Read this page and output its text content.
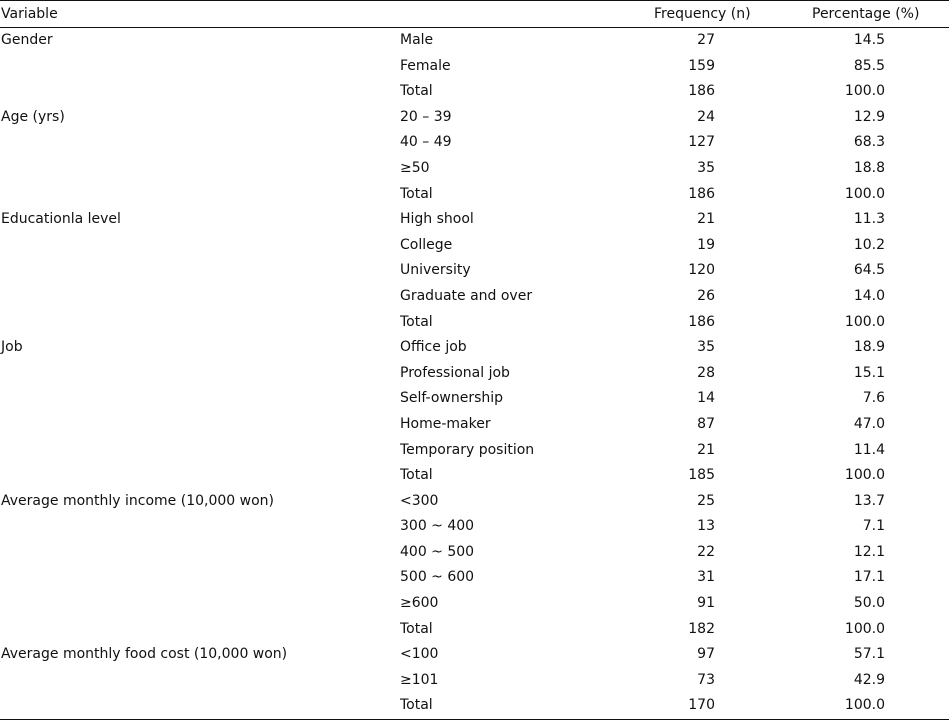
Variable		Frequency (n)	Percentage (%)
Gender	Male	27	14.5
	Female	159	85.5
	Total	186	100.0
Age (yrs)	20 – 39	24	12.9
	40 – 49	127	68.3
	≥50	35	18.8
	Total	186	100.0
Educationla level	High shool	21	11.3
	College	19	10.2
	University	120	64.5
	Graduate and over	26	14.0
	Total	186	100.0
Job	Office job	35	18.9
	Professional job	28	15.1
	Self-ownership	14	7.6
	Home-maker	87	47.0
	Temporary position	21	11.4
	Total	185	100.0
Average monthly income (10,000 won)	<300	25	13.7
	300 ~ 400	13	7.1
	400 ~ 500	22	12.1
	500 ~ 600	31	17.1
	≥600	91	50.0
	Total	182	100.0
Average monthly food cost (10,000 won)	<100	97	57.1
	≥101	73	42.9
	Total	170	100.0
